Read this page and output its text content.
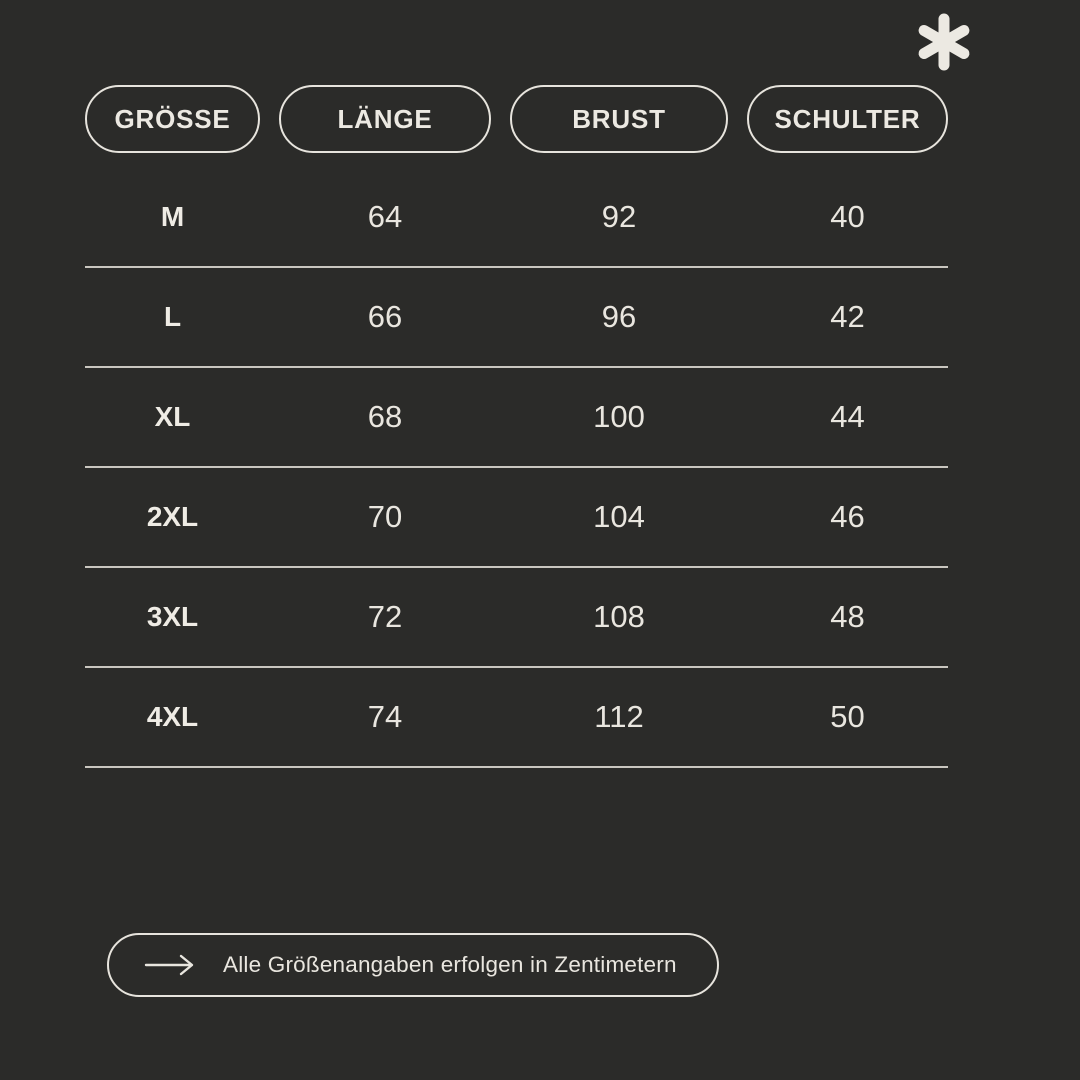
GRÖSSE	LÄNGE	BRUST	SCHULTER
M	64	92	40
L	66	96	42
XL	68	100	44
2XL	70	104	46
3XL	72	108	48
4XL	74	112	50
Alle Größenangaben erfolgen in Zentimetern
